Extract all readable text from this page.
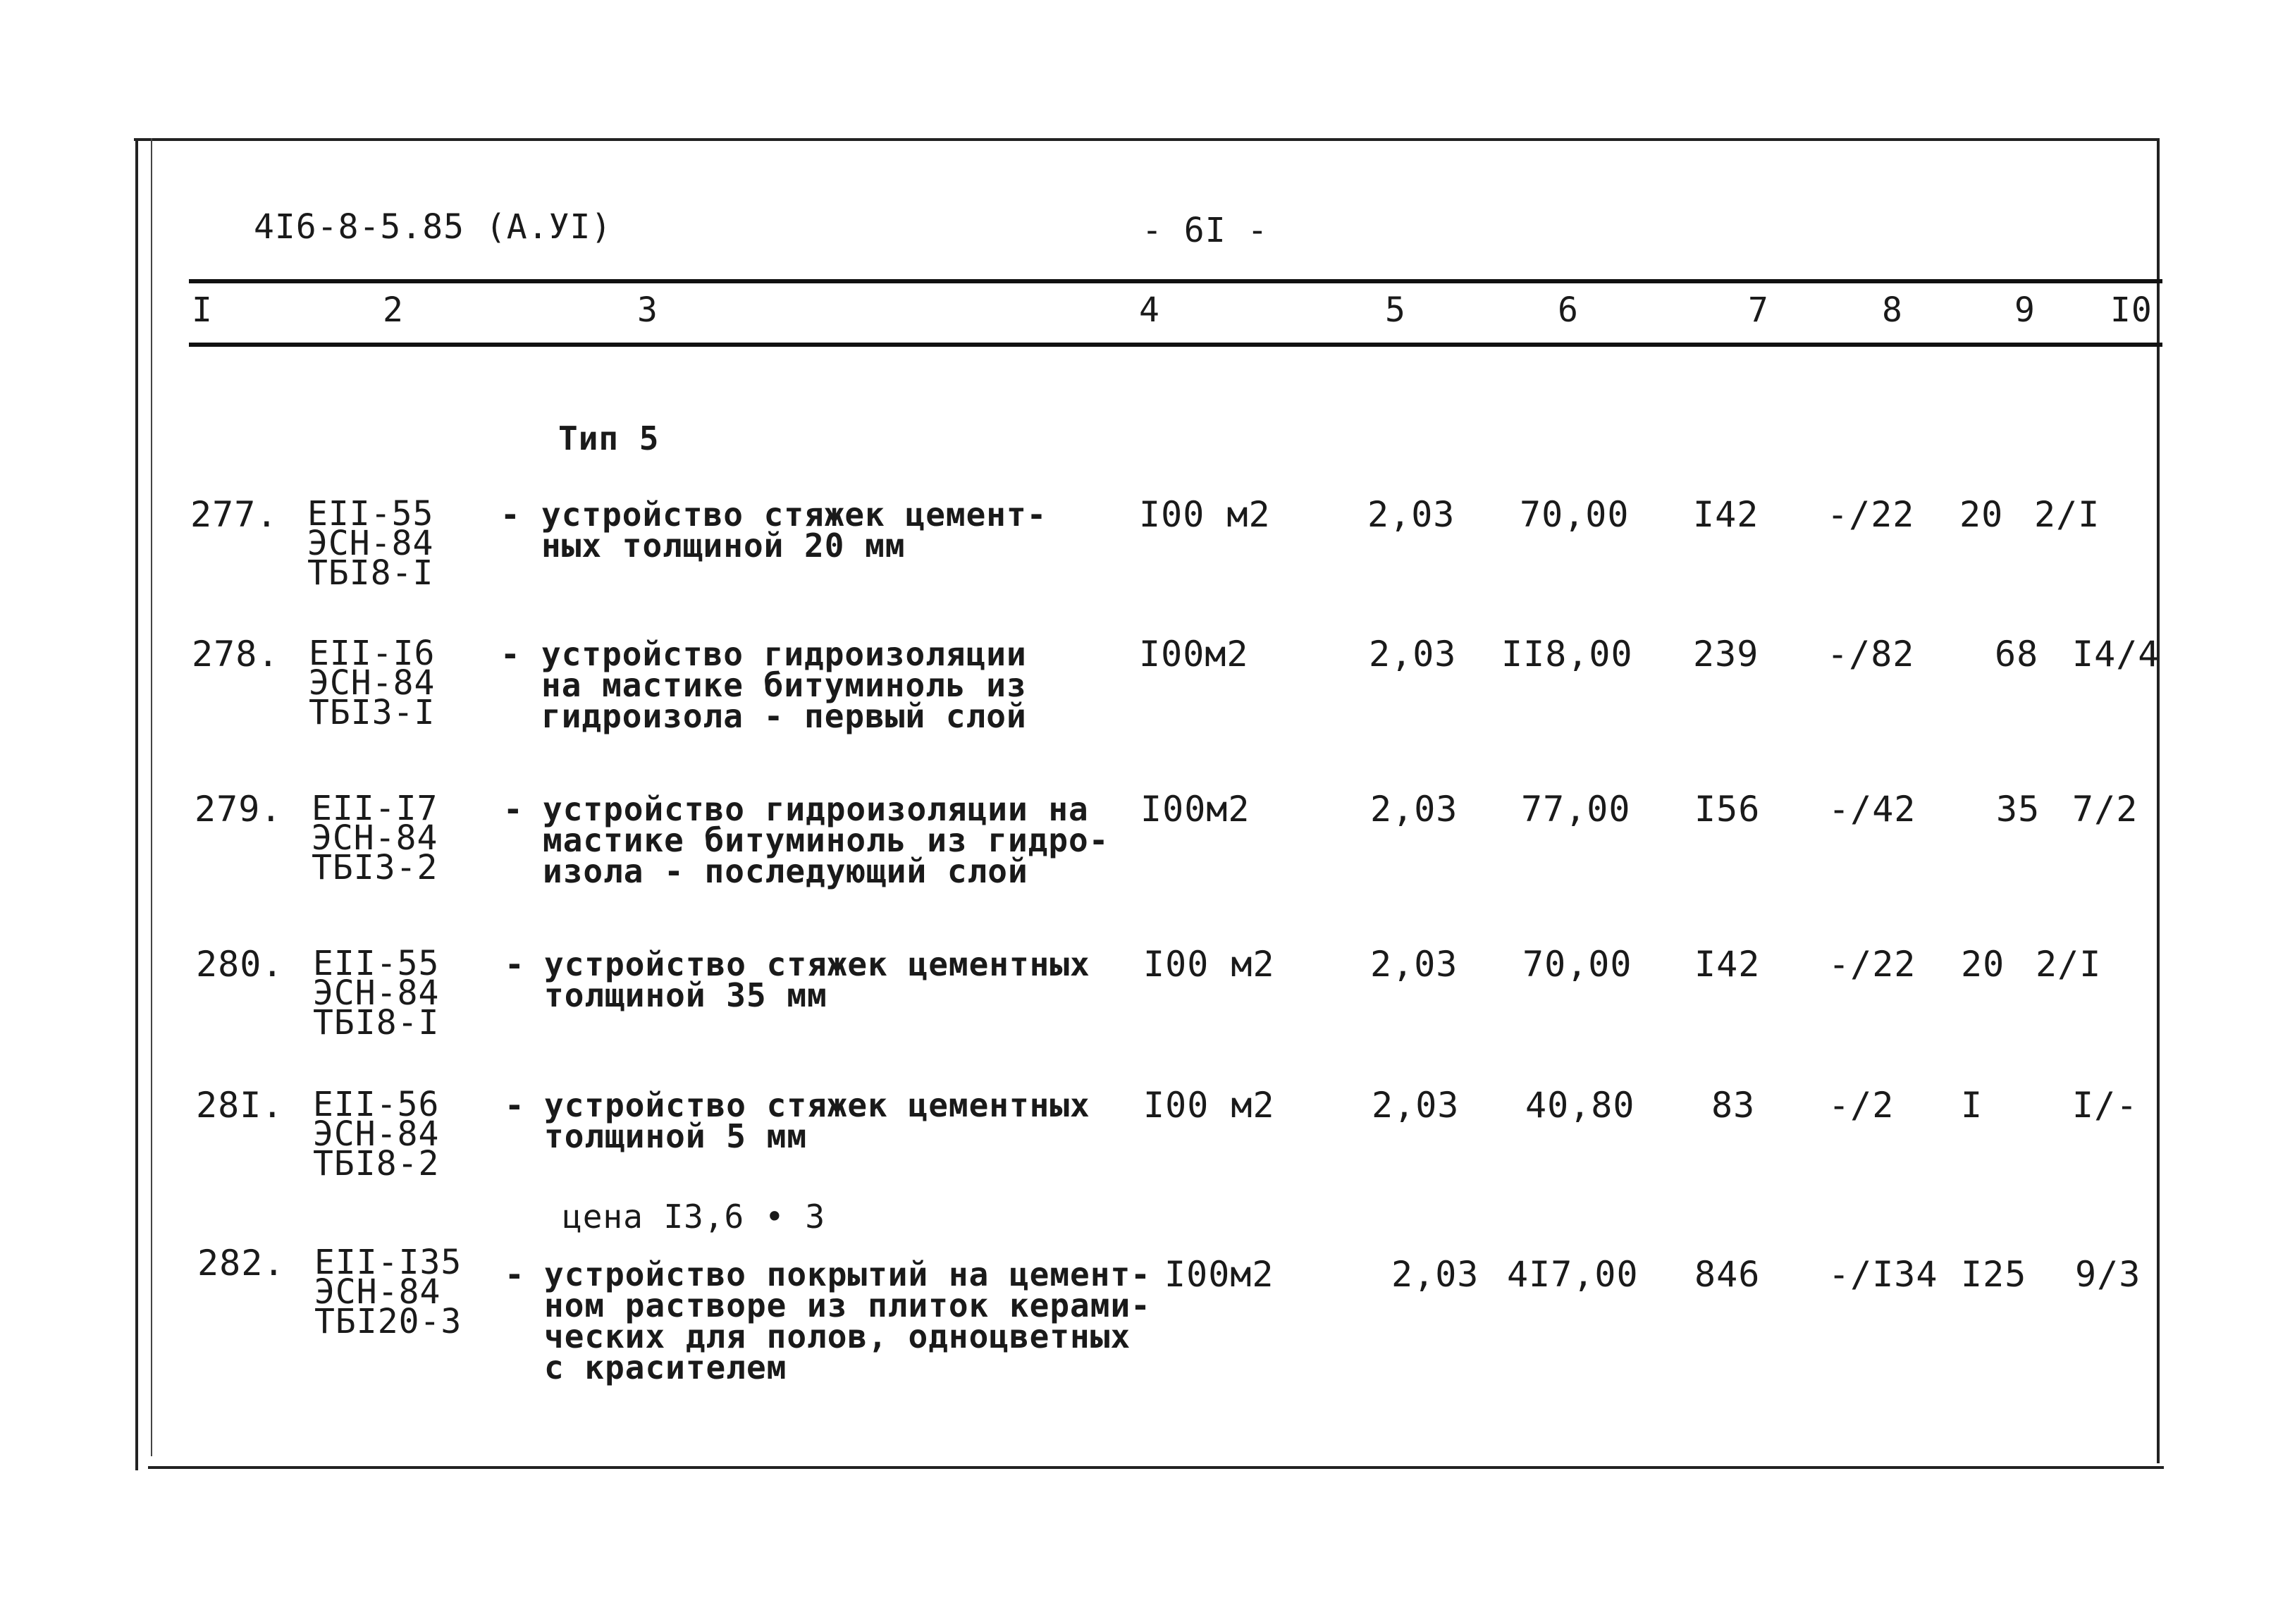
4I6-8-5.85 (А.УI)	- 6I -
I	2	3	4	5	6	7	8	9 I0
Тип 5
277. EII-55
ЭСН-84
ТБI8-I
- устройство стяжек цемент-
ных толщиной 20 мм
I00 м2	2,03 70,00 I42 -/22 20 2/I
278. EII-I6
ЭСН-84
ТБI3-I
- устройство гидроизоляции
на мастике битуминоль из
гидроизола - первый слой
I00м2	2,03 II8,00 239 -/82 68 I4/4
279. EII-I7
ЭСН-84
ТБI3-2
- устройство гидроизоляции на
мастике битуминоль из гидро-
изола - последующий слой
I00м2	2,03 77,00 I56 -/42 35 7/2
280. EII-55
ЭСН-84
ТБI8-I
- устройство стяжек цементных
толщиной 35 мм
I00 м2	2,03 70,00 I42 -/22 20 2/I
28I. EII-56
ЭСН-84
ТБI8-2
- устройство стяжек цементных
толщиной 5 мм
I00 м2	2,03 40,80 83 -/2 I	I/-
цена I3,6 • 3
282. EII-I35
ЭСН-84
ТБI20-3
- устройство покрытий на цемент-
ном растворе из плиток керами-
ческих для полов, одноцветных
с красителем
I00м2	2,03 4I7,00 846 -/I34 I25 9/3
